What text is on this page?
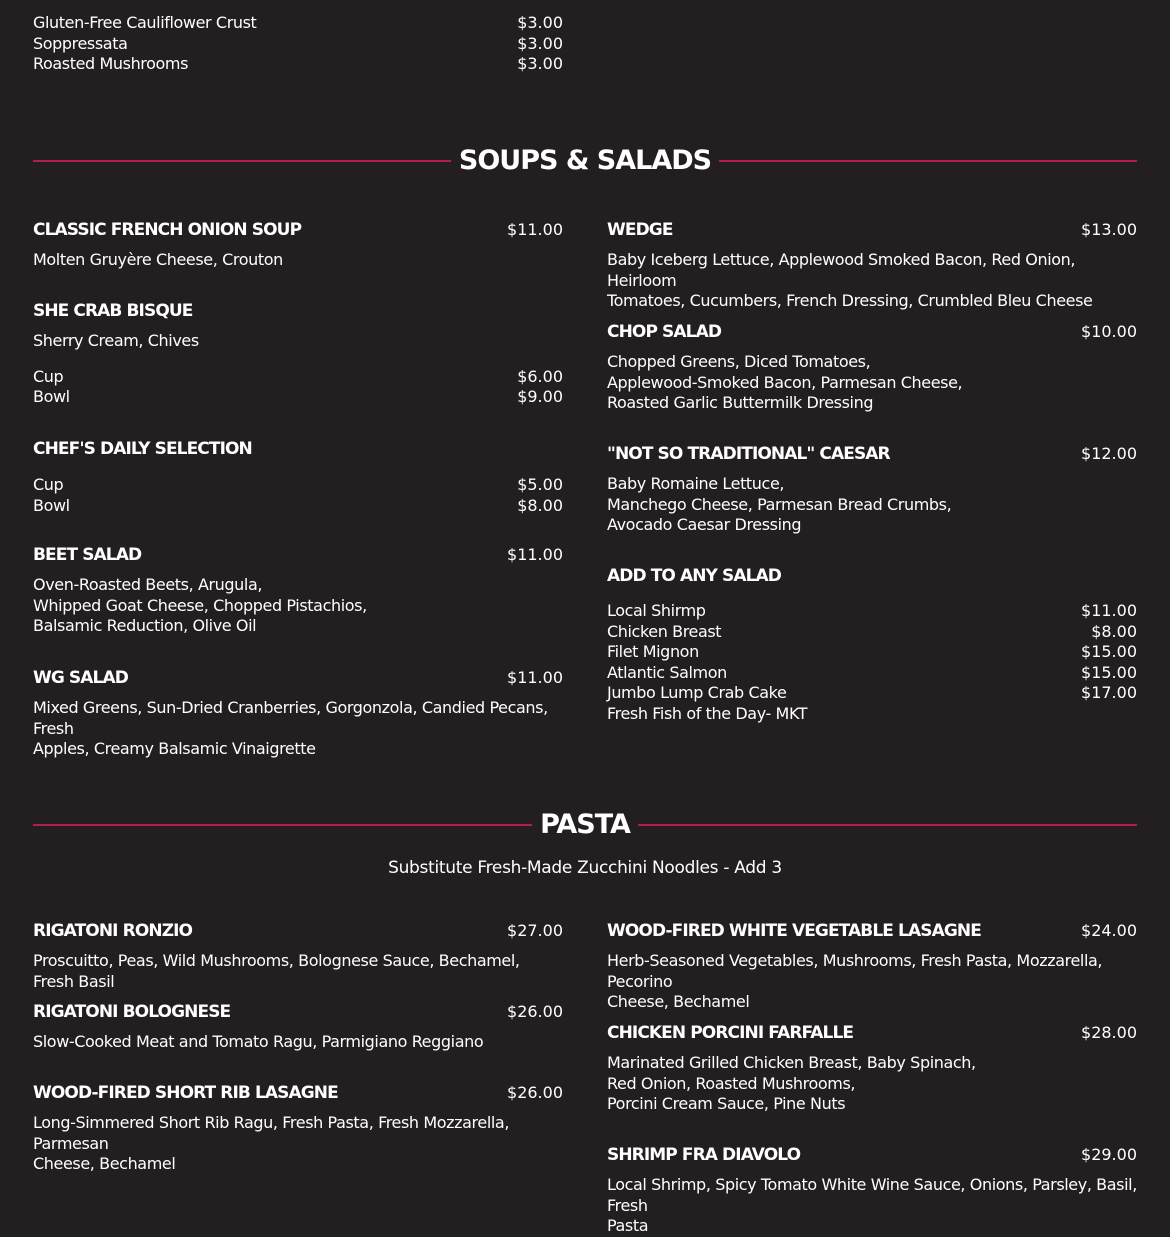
Gluten-Free Cauliflower Crust	$3.00
Soppressata	$3.00
Roasted Mushrooms	$3.00
SOUPS & SALADS
CLASSIC FRENCH ONION SOUP	$11.00
Molten Gruyère Cheese, Crouton
SHE CRAB BISQUE
Sherry Cream, Chives
Cup	$6.00
Bowl	$9.00
CHEF'S DAILY SELECTION
Cup	$5.00
Bowl	$8.00
BEET SALAD	$11.00
Oven-Roasted Beets, Arugula,
Whipped Goat Cheese, Chopped Pistachios,
Balsamic Reduction, Olive Oil
WG SALAD	$11.00
Mixed Greens, Sun-Dried Cranberries, Gorgonzola, Candied Pecans, Fresh
Apples, Creamy Balsamic Vinaigrette
WEDGE	$13.00
Baby Iceberg Lettuce, Applewood Smoked Bacon, Red Onion, Heirloom
Tomatoes, Cucumbers, French Dressing, Crumbled Bleu Cheese
CHOP SALAD	$10.00
Chopped Greens, Diced Tomatoes,
Applewood-Smoked Bacon, Parmesan Cheese,
Roasted Garlic Buttermilk Dressing
"NOT SO TRADITIONAL" CAESAR	$12.00
Baby Romaine Lettuce,
Manchego Cheese, Parmesan Bread Crumbs,
Avocado Caesar Dressing
ADD TO ANY SALAD
Local Shirmp	$11.00
Chicken Breast	$8.00
Filet Mignon	$15.00
Atlantic Salmon	$15.00
Jumbo Lump Crab Cake	$17.00
Fresh Fish of the Day- MKT
PASTA
Substitute Fresh-Made Zucchini Noodles - Add 3
RIGATONI RONZIO	$27.00
Proscuitto, Peas, Wild Mushrooms, Bolognese Sauce, Bechamel, Fresh Basil
RIGATONI BOLOGNESE	$26.00
Slow-Cooked Meat and Tomato Ragu, Parmigiano Reggiano
WOOD-FIRED SHORT RIB LASAGNE	$26.00
Long-Simmered Short Rib Ragu, Fresh Pasta, Fresh Mozzarella, Parmesan
Cheese, Bechamel
WOOD-FIRED WHITE VEGETABLE LASAGNE	$24.00
Herb-Seasoned Vegetables, Mushrooms, Fresh Pasta, Mozzarella, Pecorino
Cheese, Bechamel
CHICKEN PORCINI FARFALLE	$28.00
Marinated Grilled Chicken Breast, Baby Spinach,
Red Onion, Roasted Mushrooms,
Porcini Cream Sauce, Pine Nuts
SHRIMP FRA DIAVOLO	$29.00
Local Shrimp, Spicy Tomato White Wine Sauce, Onions, Parsley, Basil, Fresh
Pasta
